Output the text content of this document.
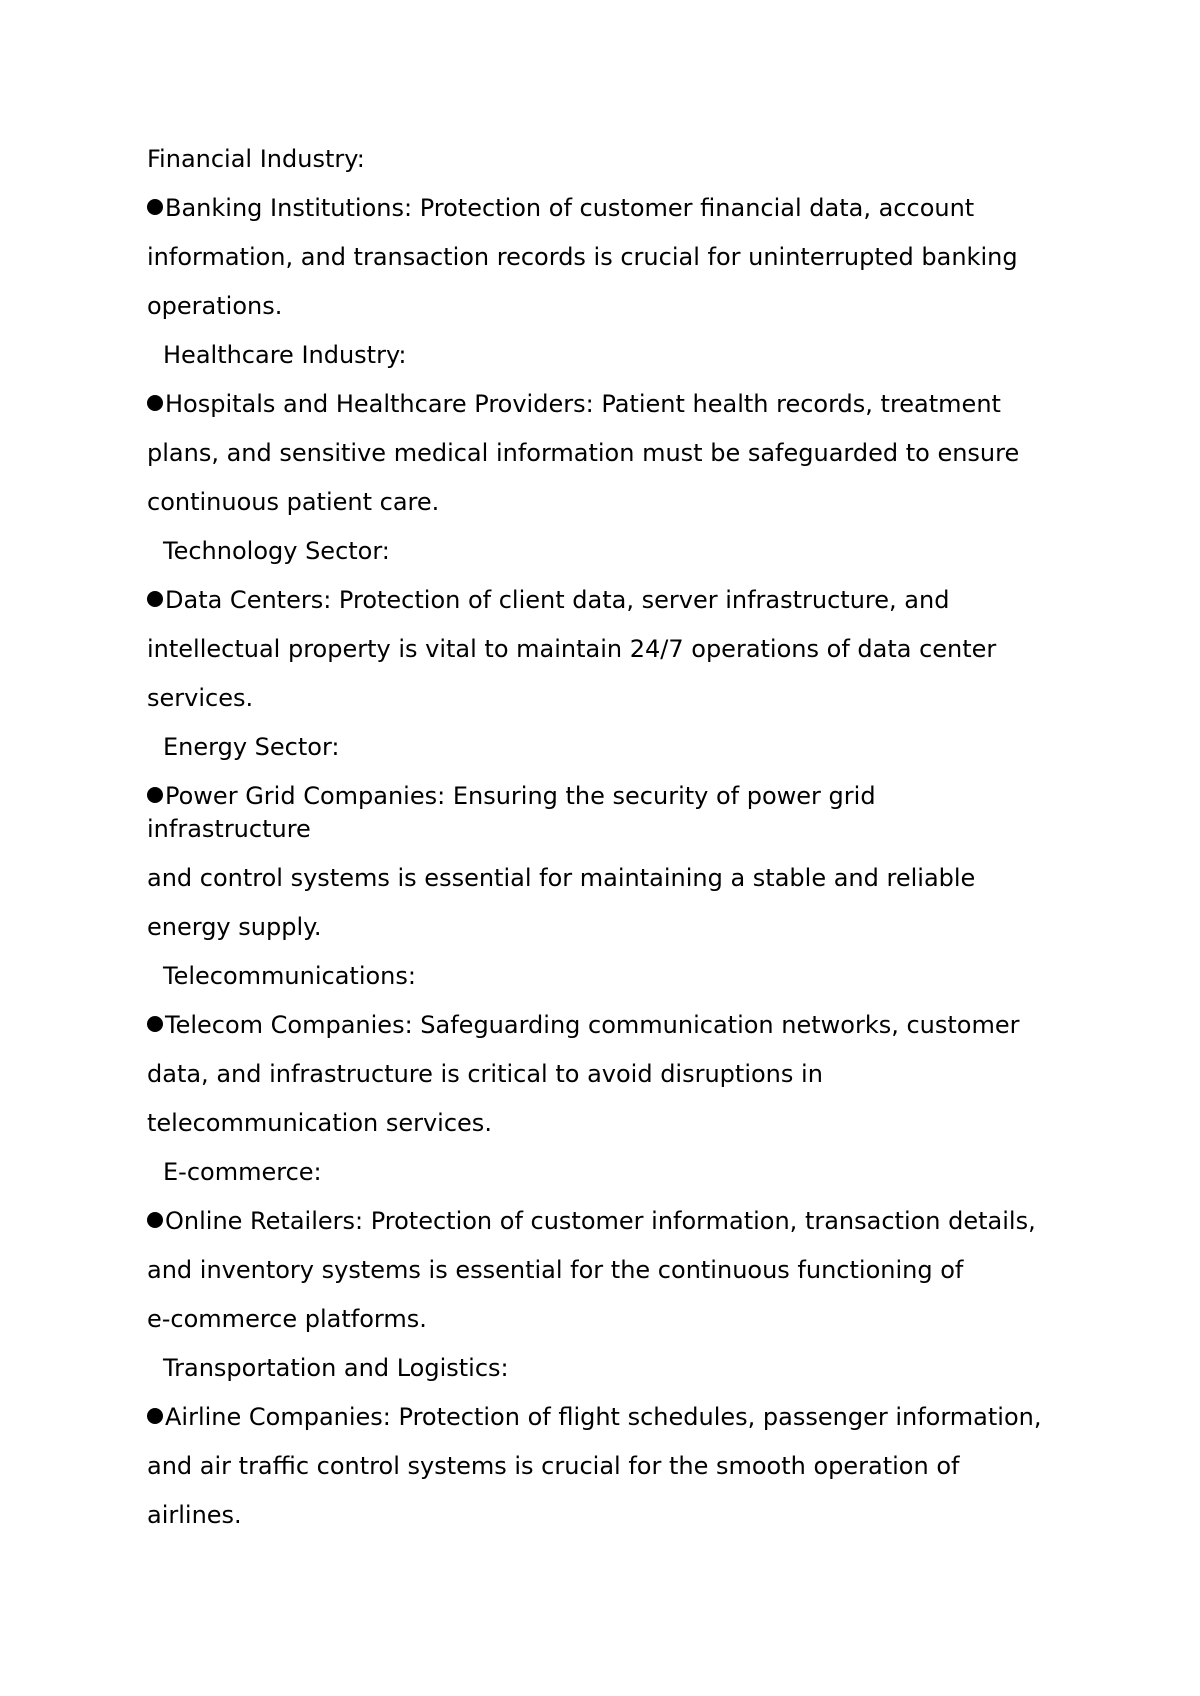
Financial Industry:
Banking Institutions: Protection of customer financial data, account
information, and transaction records is crucial for uninterrupted banking
operations.
Healthcare Industry:
Hospitals and Healthcare Providers: Patient health records, treatment
plans, and sensitive medical information must be safeguarded to ensure
continuous patient care.
Technology Sector:
Data Centers: Protection of client data, server infrastructure, and
intellectual property is vital to maintain 24/7 operations of data center
services.
Energy Sector:
Power Grid Companies: Ensuring the security of power grid
infrastructure
and control systems is essential for maintaining a stable and reliable
energy supply.
Telecommunications:
Telecom Companies: Safeguarding communication networks, customer
data, and infrastructure is critical to avoid disruptions in
telecommunication services.
E-commerce:
Online Retailers: Protection of customer information, transaction details,
and inventory systems is essential for the continuous functioning of
e-commerce platforms.
Transportation and Logistics:
Airline Companies: Protection of flight schedules, passenger information,
and air traffic control systems is crucial for the smooth operation of
airlines.
